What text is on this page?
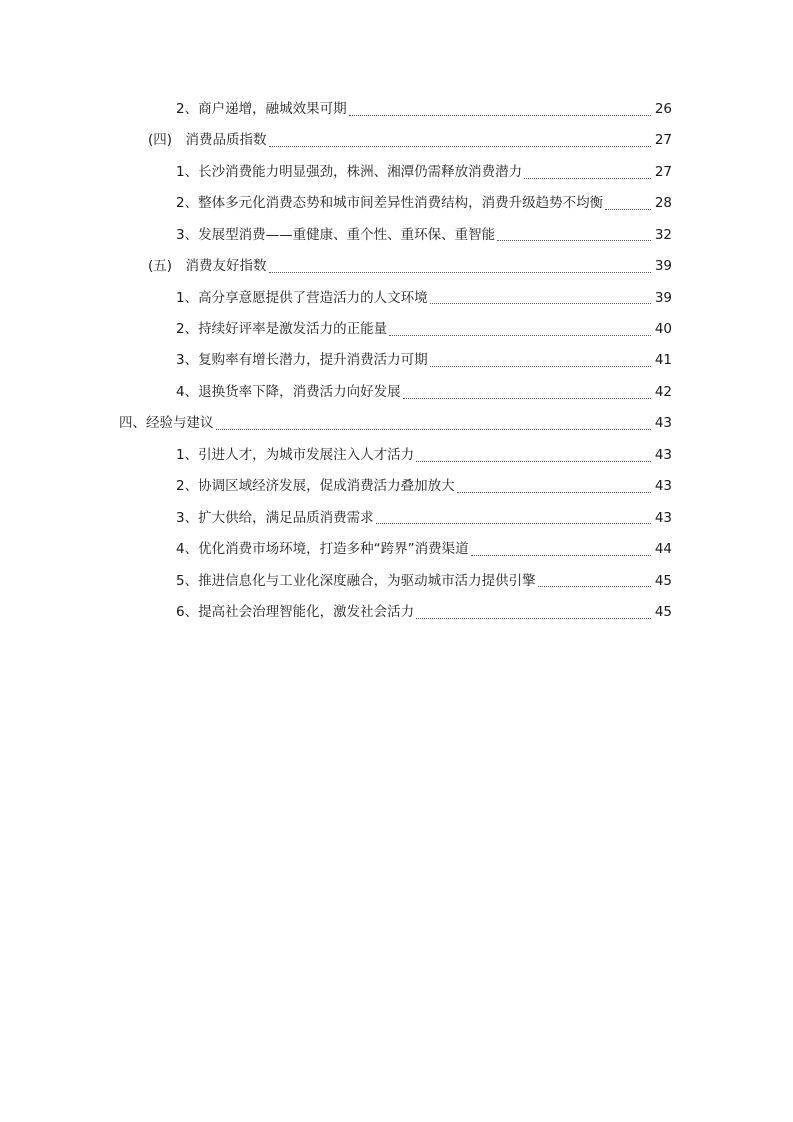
2、商户递增，融城效果可期	26
(四)　消费品质指数	27
1、长沙消费能力明显强劲，株洲、湘潭仍需释放消费潜力	27
2、整体多元化消费态势和城市间差异性消费结构，消费升级趋势不均衡	28
3、发展型消费——重健康、重个性、重环保、重智能	32
(五)　消费友好指数	39
1、高分享意愿提供了营造活力的人文环境	39
2、持续好评率是激发活力的正能量	40
3、复购率有增长潜力，提升消费活力可期	41
4、退换货率下降，消费活力向好发展	42
四、经验与建议	43
1、引进人才，为城市发展注入人才活力	43
2、协调区域经济发展，促成消费活力叠加放大	43
3、扩大供给，满足品质消费需求	43
4、优化消费市场环境，打造多种“跨界”消费渠道	44
5、推进信息化与工业化深度融合，为驱动城市活力提供引擎	45
6、提高社会治理智能化，激发社会活力	45
